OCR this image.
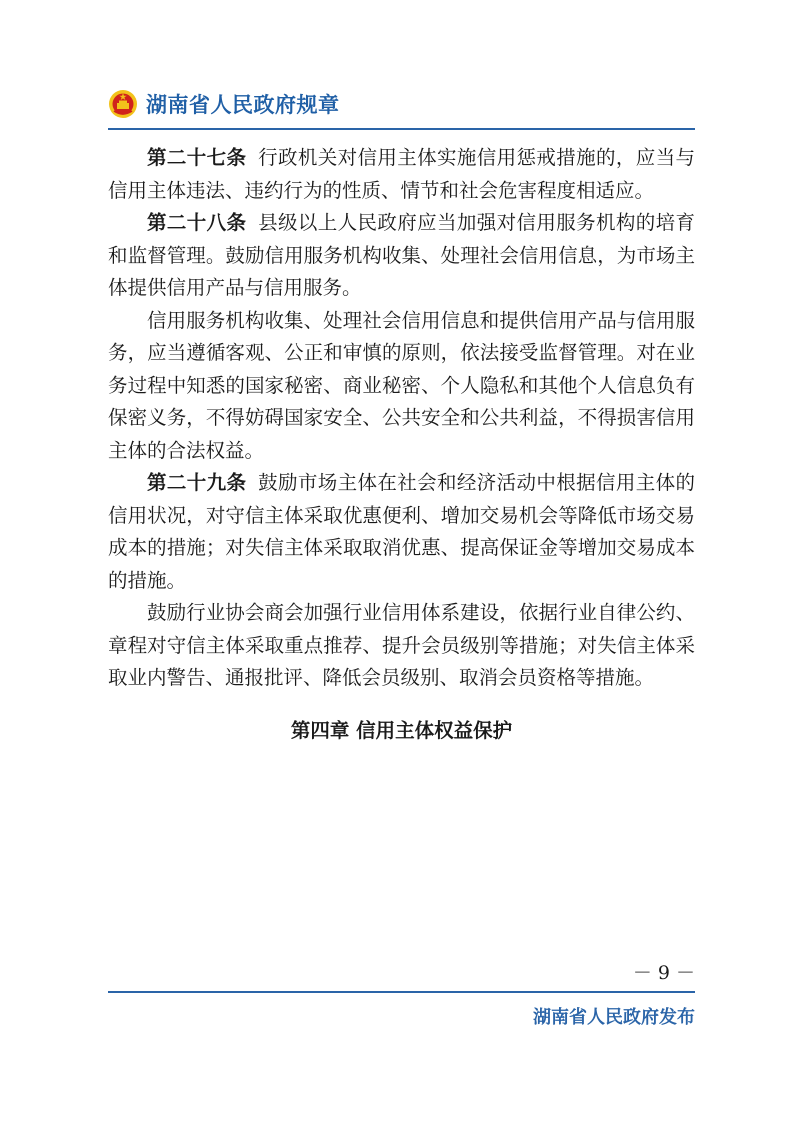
湖南省人民政府规章

第二十七条 行政机关对信用主体实施信用惩戒措施的，应当与信用主体违法、违约行为的性质、情节和社会危害程度相适应。

第二十八条 县级以上人民政府应当加强对信用服务机构的培育和监督管理。鼓励信用服务机构收集、处理社会信用信息，为市场主体提供信用产品与信用服务。

信用服务机构收集、处理社会信用信息和提供信用产品与信用服务，应当遵循客观、公正和审慎的原则，依法接受监督管理。对在业务过程中知悉的国家秘密、商业秘密、个人隐私和其他个人信息负有保密义务，不得妨碍国家安全、公共安全和公共利益，不得损害信用主体的合法权益。

第二十九条 鼓励市场主体在社会和经济活动中根据信用主体的信用状况，对守信主体采取优惠便利、增加交易机会等降低市场交易成本的措施；对失信主体采取取消优惠、提高保证金等增加交易成本的措施。

鼓励行业协会商会加强行业信用体系建设，依据行业自律公约、章程对守信主体采取重点推荐、提升会员级别等措施；对失信主体采取业内警告、通报批评、降低会员级别、取消会员资格等措施。

第四章 信用主体权益保护

－ 9 －
湖南省人民政府发布
